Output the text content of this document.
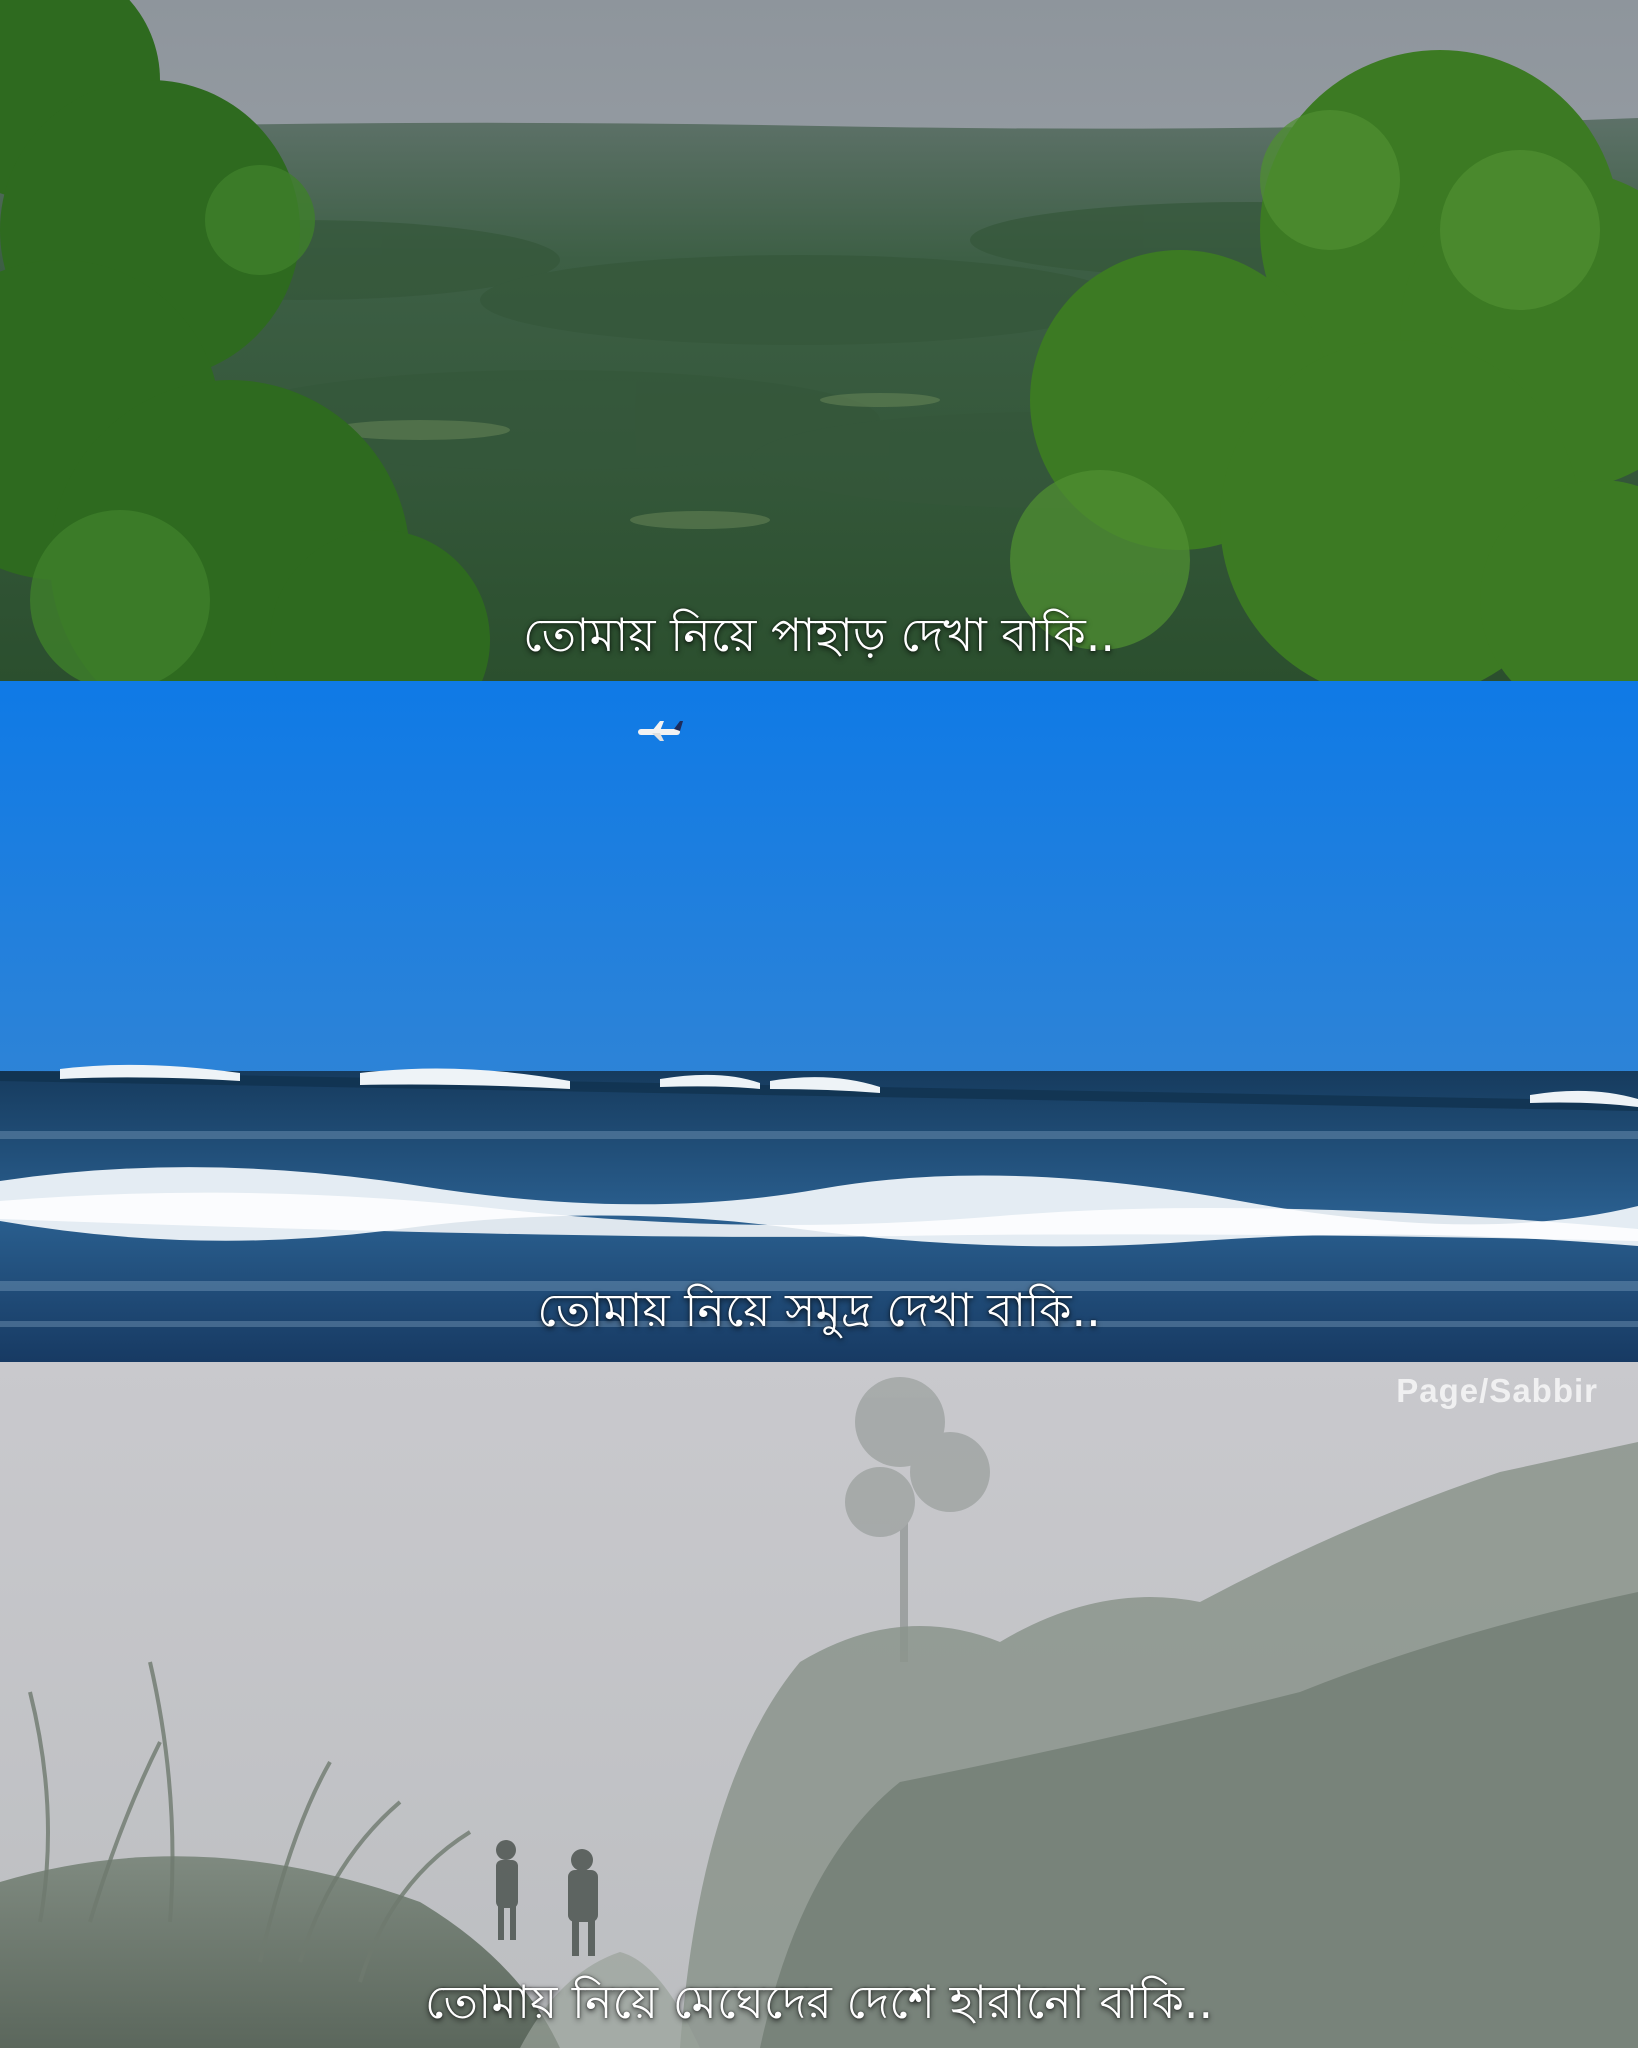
তোমায় নিয়ে পাহাড় দেখা বাকি..
তোমায় নিয়ে সমুদ্র দেখা বাকি..
Page/Sabbir
তোমায় নিয়ে মেঘেদের দেশে হারানো বাকি..
